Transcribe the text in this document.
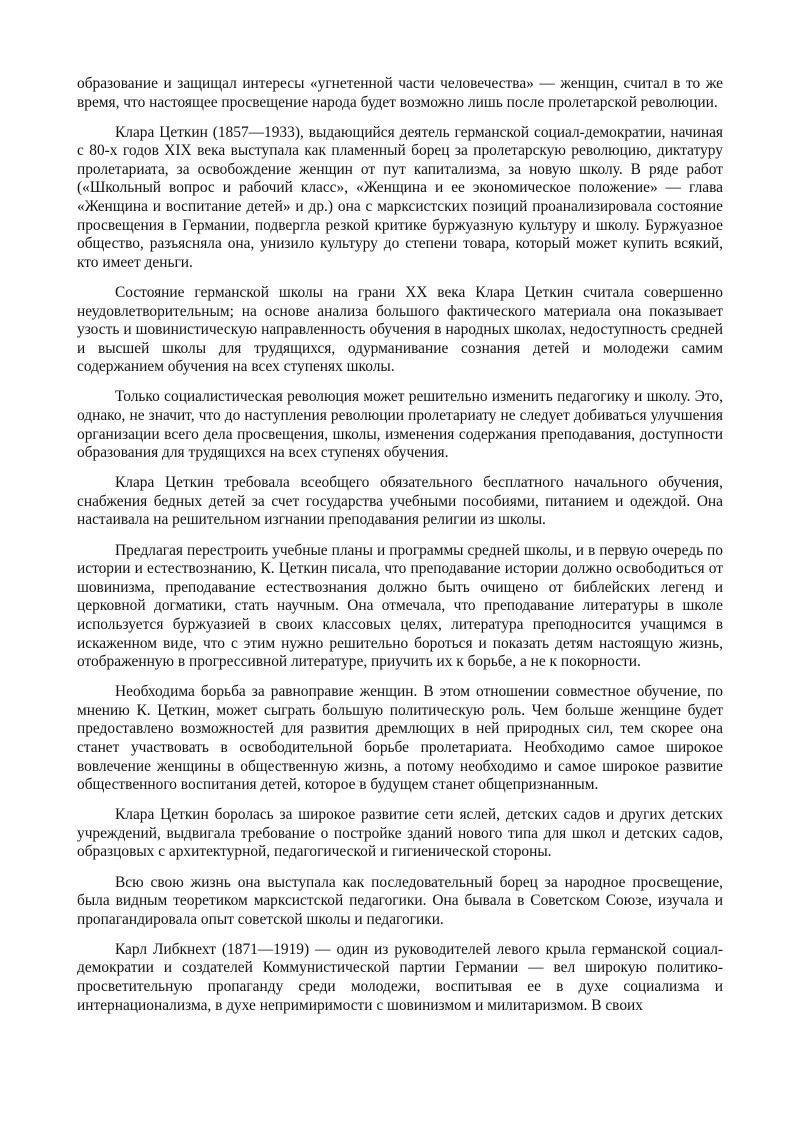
образование и защищал интересы «угнетенной части человечества» — женщин, считал в то же время, что настоящее просвещение народа будет возможно лишь после пролетарской революции.

Клара Цеткин (1857—1933), выдающийся деятель германской социал-демократии, начиная с 80-х годов XIX века выступала как пламенный борец за пролетарскую революцию, диктатуру пролетариата, за освобождение женщин от пут капитализма, за новую школу. В ряде работ («Школьный вопрос и рабочий класс», «Женщина и ее экономическое положение» — глава «Женщина и воспитание детей» и др.) она с марксистских позиций проанализировала состояние просвещения в Германии, подвергла резкой критике буржуазную культуру и школу. Буржуазное общество, разъясняла она, унизило культуру до степени товара, который может купить всякий, кто имеет деньги.

Состояние германской школы на грани XX века Клара Цеткин считала совершенно неудовлетворительным; на основе анализа большого фактического материала она показывает узость и шовинистическую направленность обучения в народных школах, недоступность средней и высшей школы для трудящихся, одурманивание сознания детей и молодежи самим содержанием обучения на всех ступенях школы.

Только социалистическая революция может решительно изменить педагогику и школу. Это, однако, не значит, что до наступления революции пролетариату не следует добиваться улучшения организации всего дела просвещения, школы, изменения содержания преподавания, доступности образования для трудящихся на всех ступенях обучения.

Клара Цеткин требовала всеобщего обязательного бесплатного начального обучения, снабжения бедных детей за счет государства учебными пособиями, питанием и одеждой. Она настаивала на решительном изгнании преподавания религии из школы.

Предлагая перестроить учебные планы и программы средней школы, и в первую очередь по истории и естествознанию, К. Цеткин писала, что преподавание истории должно освободиться от шовинизма, преподавание естествознания должно быть очищено от библейских легенд и церковной догматики, стать научным. Она отмечала, что преподавание литературы в школе используется буржуазией в своих классовых целях, литература преподносится учащимся в искаженном виде, что с этим нужно решительно бороться и показать детям настоящую жизнь, отображенную в прогрессивной литературе, приучить их к борьбе, а не к покорности.

Необходима борьба за равноправие женщин. В этом отношении совместное обучение, по мнению К. Цеткин, может сыграть большую политическую роль. Чем больше женщине будет предоставлено возможностей для развития дремлющих в ней природных сил, тем скорее она станет участвовать в освободительной борьбе пролетариата. Необходимо самое широкое вовлечение женщины в общественную жизнь, а потому необходимо и самое широкое развитие общественного воспитания детей, которое в будущем станет общепризнанным.

Клара Цеткин боролась за широкое развитие сети яслей, детских садов и других детских учреждений, выдвигала требование о постройке зданий нового типа для школ и детских садов, образцовых с архитектурной, педагогической и гигиенической стороны.

Всю свою жизнь она выступала как последовательный борец за народное просвещение, была видным теоретиком марксистской педагогики. Она бывала в Советском Союзе, изучала и пропагандировала опыт советской школы и педагогики.

Карл Либкнехт (1871—1919) — один из руководителей левого крыла германской социал-демократии и создателей Коммунистической партии Германии — вел широкую политико-просветительную пропаганду среди молодежи, воспитывая ее в духе социализма и интернационализма, в духе непримиримости с шовинизмом и милитаризмом. В своих
